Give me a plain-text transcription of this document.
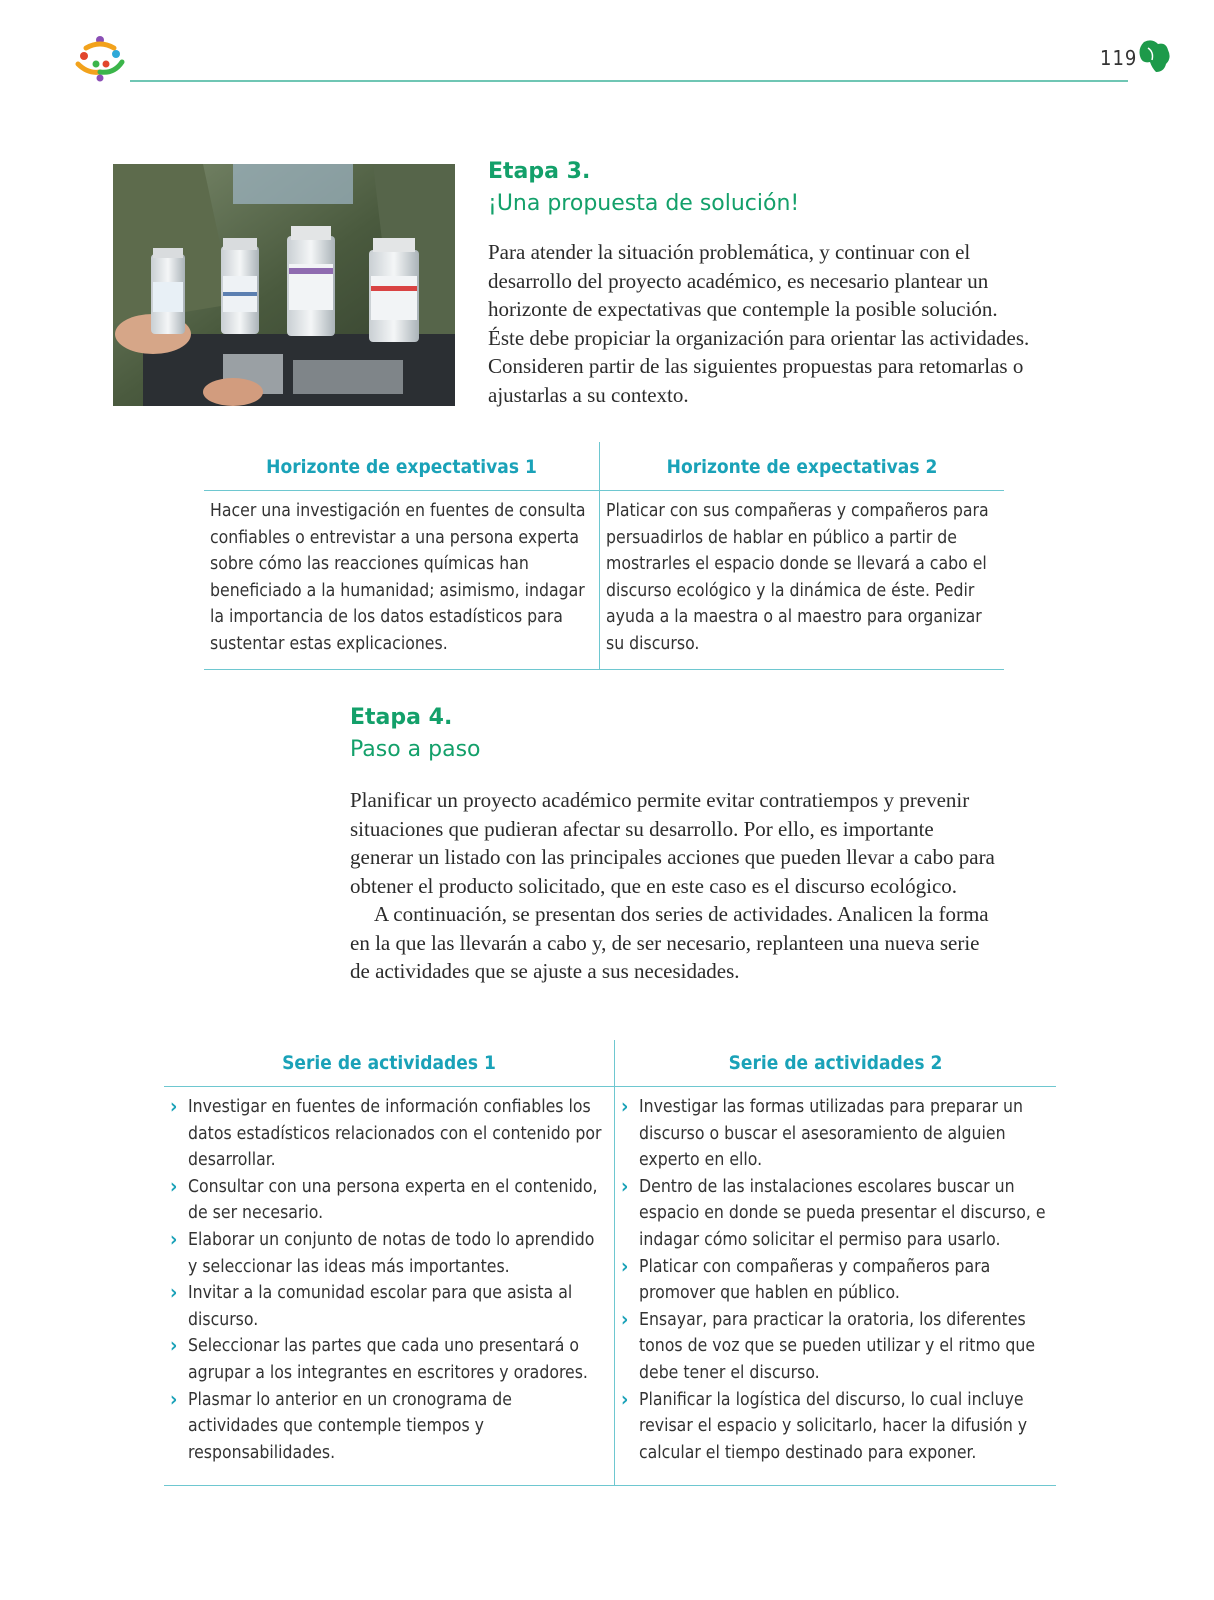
119
Etapa 3.
¡Una propuesta de solución!

Para atender la situación problemática, y continuar con el desarrollo del proyecto académico, es necesario plantear un horizonte de expectativas que contemple la posible solución. Éste debe propiciar la organización para orientar las actividades. Consideren partir de las siguientes propuestas para retomarlas o ajustarlas a su contexto.

Horizonte de expectativas 1	Horizonte de expectativas 2

Hacer una investigación en fuentes de consulta confiables o entrevistar a una persona experta sobre cómo las reacciones químicas han beneficiado a la humanidad; asimismo, indagar la importancia de los datos estadísticos para sustentar estas explicaciones.

Platicar con sus compañeras y compañeros para persuadirlos de hablar en público a partir de mostrarles el espacio donde se llevará a cabo el discurso ecológico y la dinámica de éste. Pedir ayuda a la maestra o al maestro para organizar su discurso.

Etapa 4.
Paso a paso

Planificar un proyecto académico permite evitar contratiempos y prevenir situaciones que pudieran afectar su desarrollo. Por ello, es importante generar un listado con las principales acciones que pueden llevar a cabo para obtener el producto solicitado, que en este caso es el discurso ecológico.

A continuación, se presentan dos series de actividades. Analicen la forma en la que las llevarán a cabo y, de ser necesario, replanteen una nueva serie de actividades que se ajuste a sus necesidades.

Serie de actividades 1	Serie de actividades 2
› Investigar en fuentes de información confiables los datos estadísticos relacionados con el contenido por desarrollar.
› Consultar con una persona experta en el contenido, de ser necesario.
› Elaborar un conjunto de notas de todo lo aprendido y seleccionar las ideas más importantes.
› Invitar a la comunidad escolar para que asista al discurso.
› Seleccionar las partes que cada uno presentará o agrupar a los integrantes en escritores y oradores.
› Plasmar lo anterior en un cronograma de actividades que contemple tiempos y responsabilidades.
› Investigar las formas utilizadas para preparar un discurso o buscar el asesoramiento de alguien experto en ello.
› Dentro de las instalaciones escolares buscar un espacio en donde se pueda presentar el discurso, e indagar cómo solicitar el permiso para usarlo.
› Platicar con compañeras y compañeros para promover que hablen en público.
› Ensayar, para practicar la oratoria, los diferentes tonos de voz que se pueden utilizar y el ritmo que debe tener el discurso.
› Planificar la logística del discurso, lo cual incluye revisar el espacio y solicitarlo, hacer la difusión y calcular el tiempo destinado para exponer.
